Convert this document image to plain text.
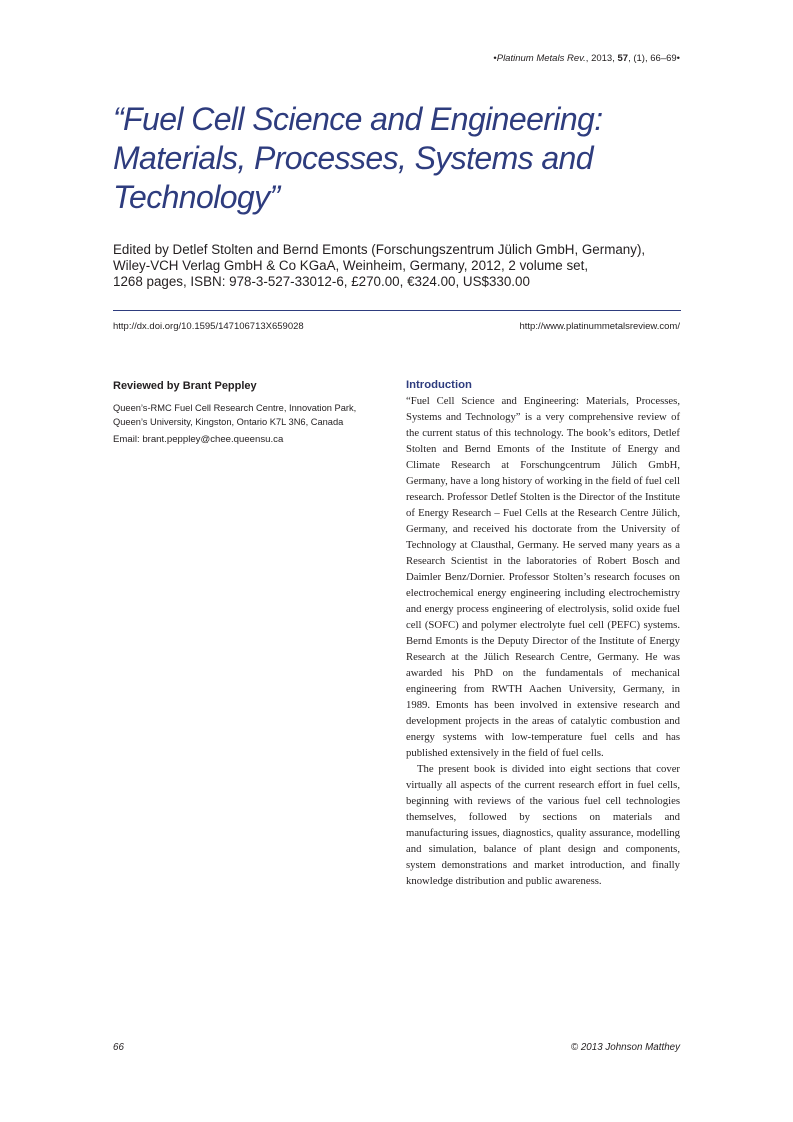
•Platinum Metals Rev., 2013, 57, (1), 66–69•
“Fuel Cell Science and Engineering: Materials, Processes, Systems and Technology”
Edited by Detlef Stolten and Bernd Emonts (Forschungszentrum Jülich GmbH, Germany),
Wiley-VCH Verlag GmbH & Co KGaA, Weinheim, Germany, 2012, 2 volume set,
1268 pages, ISBN: 978-3-527-33012-6, £270.00, €324.00, US$330.00
http://dx.doi.org/10.1595/147106713X659028	http://www.platinummetalsreview.com/
Reviewed by Brant Peppley
Queen’s-RMC Fuel Cell Research Centre, Innovation Park,
Queen’s University, Kingston, Ontario K7L 3N6, Canada
Email: brant.peppley@chee.queensu.ca
Introduction

“Fuel Cell Science and Engineering: Materials, Processes, Systems and Technology” is a very comprehensive review of the current status of this technology. The book’s editors, Detlef Stolten and Bernd Emonts of the Institute of Energy and Climate Research at Forschungcentrum Jülich GmbH, Germany, have a long history of working in the field of fuel cell research. Professor Detlef Stolten is the Director of the Institute of Energy Research – Fuel Cells at the Research Centre Jülich, Germany, and received his doctorate from the University of Technology at Clausthal, Germany. He served many years as a Research Scientist in the laboratories of Robert Bosch and Daimler Benz/Dornier. Professor Stolten’s research focuses on electrochemical energy engineering including electrochemistry and energy process engineering of electrolysis, solid oxide fuel cell (SOFC) and polymer electrolyte fuel cell (PEFC) systems. Bernd Emonts is the Deputy Director of the Institute of Energy Research at the Jülich Research Centre, Germany. He was awarded his PhD on the fundamentals of mechanical engineering from RWTH Aachen University, Germany, in 1989. Emonts has been involved in extensive research and development projects in the areas of catalytic combustion and energy systems with low-temperature fuel cells and has published extensively in the field of fuel cells.

The present book is divided into eight sections that cover virtually all aspects of the current research effort in fuel cells, beginning with reviews of the various fuel cell technologies themselves, followed by sections on materials and manufacturing issues, diagnostics, quality assurance, modelling and simulation, balance of plant design and components, system demonstrations and market introduction, and finally knowledge distribution and public awareness.

66	© 2013 Johnson Matthey
